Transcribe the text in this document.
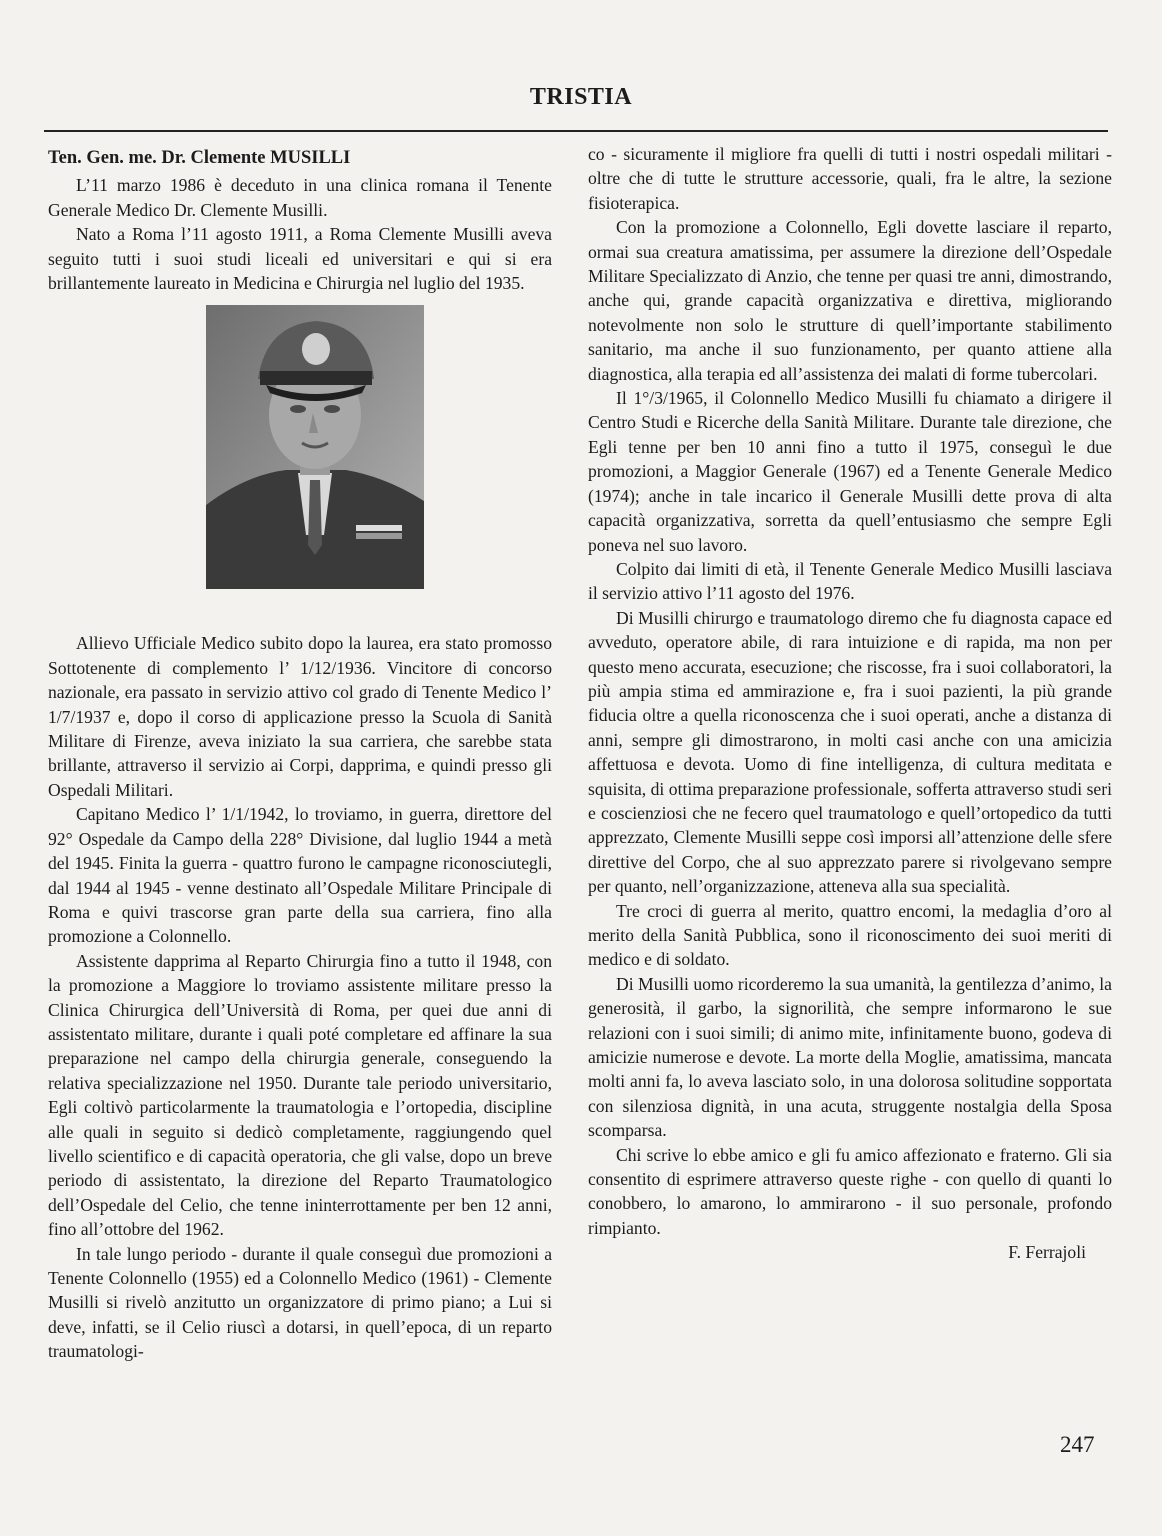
TRISTIA
Ten. Gen. me. Dr. Clemente MUSILLI

L’11 marzo 1986 è deceduto in una clinica romana il Tenente Generale Medico Dr. Clemente Musilli.

Nato a Roma l’11 agosto 1911, a Roma Clemente Musilli aveva seguito tutti i suoi studi liceali ed universitari e qui si era brillantemente laureato in Medicina e Chirurgia nel luglio del 1935.

Allievo Ufficiale Medico subito dopo la laurea, era stato promosso Sottotenente di complemento l’ 1/12/1936. Vincitore di concorso nazionale, era passato in servizio attivo col grado di Tenente Medico l’ 1/7/1937 e, dopo il corso di applicazione presso la Scuola di Sanità Militare di Firenze, aveva iniziato la sua carriera, che sarebbe stata brillante, attraverso il servizio ai Corpi, dapprima, e quindi presso gli Ospedali Militari.

Capitano Medico l’ 1/1/1942, lo troviamo, in guerra, direttore del 92° Ospedale da Campo della 228° Divisione, dal luglio 1944 a metà del 1945. Finita la guerra - quattro furono le campagne riconosciutegli, dal 1944 al 1945 - venne destinato all’Ospedale Militare Principale di Roma e quivi trascorse gran parte della sua carriera, fino alla promozione a Colonnello.

Assistente dapprima al Reparto Chirurgia fino a tutto il 1948, con la promozione a Maggiore lo troviamo assistente militare presso la Clinica Chirurgica dell’Università di Roma, per quei due anni di assistentato militare, durante i quali poté completare ed affinare la sua preparazione nel campo della chirurgia generale, conseguendo la relativa specializzazione nel 1950. Durante tale periodo universitario, Egli coltivò particolarmente la traumatologia e l’ortopedia, discipline alle quali in seguito si dedicò completamente, raggiungendo quel livello scientifico e di capacità operatoria, che gli valse, dopo un breve periodo di assistentato, la direzione del Reparto Traumatologico dell’Ospedale del Celio, che tenne ininterrottamente per ben 12 anni, fino all’ottobre del 1962.

In tale lungo periodo - durante il quale conseguì due promozioni a Tenente Colonnello (1955) ed a Colonnello Medico (1961) - Clemente Musilli si rivelò anzitutto un organizzatore di primo piano; a Lui si deve, infatti, se il Celio riuscì a dotarsi, in quell’epoca, di un reparto traumatologi-

co - sicuramente il migliore fra quelli di tutti i nostri ospedali militari - oltre che di tutte le strutture accessorie, quali, fra le altre, la sezione fisioterapica.

Con la promozione a Colonnello, Egli dovette lasciare il reparto, ormai sua creatura amatissima, per assumere la direzione dell’Ospedale Militare Specializzato di Anzio, che tenne per quasi tre anni, dimostrando, anche qui, grande capacità organizzativa e direttiva, migliorando notevolmente non solo le strutture di quell’importante stabilimento sanitario, ma anche il suo funzionamento, per quanto attiene alla diagnostica, alla terapia ed all’assistenza dei malati di forme tubercolari.

Il 1°/3/1965, il Colonnello Medico Musilli fu chiamato a dirigere il Centro Studi e Ricerche della Sanità Militare. Durante tale direzione, che Egli tenne per ben 10 anni fino a tutto il 1975, conseguì le due promozioni, a Maggior Generale (1967) ed a Tenente Generale Medico (1974); anche in tale incarico il Generale Musilli dette prova di alta capacità organizzativa, sorretta da quell’entusiasmo che sempre Egli poneva nel suo lavoro.

Colpito dai limiti di età, il Tenente Generale Medico Musilli lasciava il servizio attivo l’11 agosto del 1976.

Di Musilli chirurgo e traumatologo diremo che fu diagnosta capace ed avveduto, operatore abile, di rara intuizione e di rapida, ma non per questo meno accurata, esecuzione; che riscosse, fra i suoi collaboratori, la più ampia stima ed ammirazione e, fra i suoi pazienti, la più grande fiducia oltre a quella riconoscenza che i suoi operati, anche a distanza di anni, sempre gli dimostrarono, in molti casi anche con una amicizia affettuosa e devota. Uomo di fine intelligenza, di cultura meditata e squisita, di ottima preparazione professionale, sofferta attraverso studi seri e coscienziosi che ne fecero quel traumatologo e quell’ortopedico da tutti apprezzato, Clemente Musilli seppe così imporsi all’attenzione delle sfere direttive del Corpo, che al suo apprezzato parere si rivolgevano sempre per quanto, nell’organizzazione, atteneva alla sua specialità.

Tre croci di guerra al merito, quattro encomi, la medaglia d’oro al merito della Sanità Pubblica, sono il riconoscimento dei suoi meriti di medico e di soldato.

Di Musilli uomo ricorderemo la sua umanità, la gentilezza d’animo, la generosità, il garbo, la signorilità, che sempre informarono le sue relazioni con i suoi simili; di animo mite, infinitamente buono, godeva di amicizie numerose e devote. La morte della Moglie, amatissima, mancata molti anni fa, lo aveva lasciato solo, in una dolorosa solitudine sopportata con silenziosa dignità, in una acuta, struggente nostalgia della Sposa scomparsa.

Chi scrive lo ebbe amico e gli fu amico affezionato e fraterno. Gli sia consentito di esprimere attraverso queste righe - con quello di quanti lo conobbero, lo amarono, lo ammirarono - il suo personale, profondo rimpianto.

F. Ferrajoli
247
